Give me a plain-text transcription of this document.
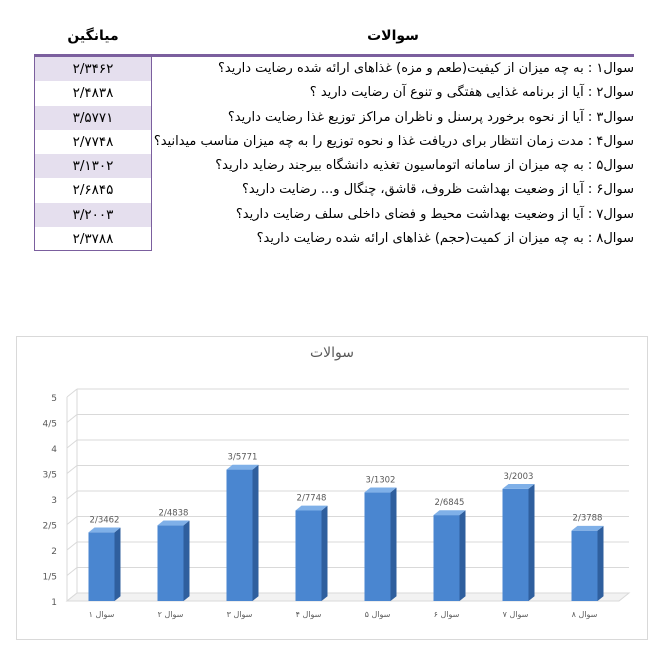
میانگین	سوالات
۲/۳۴۶۲	سوال۱ : به چه میزان از کیفیت(طعم و مزه) غذاهای ارائه شده رضایت دارید؟
۲/۴۸۳۸	سوال۲ : آیا از برنامه غذایی هفتگی و تنوع آن رضایت دارید ؟
۳/۵۷۷۱	سوال۳ : آیا از نحوه برخورد پرسنل و ناظران مراکز توزیع غذا رضایت دارید؟
۲/۷۷۴۸	سوال۴ : مدت زمان انتظار برای دریافت غذا و نحوه توزیع را به چه میزان مناسب میدانید؟
۳/۱۳۰۲	سوال۵ : به چه میزان از سامانه اتوماسیون تغذیه دانشگاه بیرجند رضاید دارید؟
۲/۶۸۴۵	سوال۶ : آیا از وضعیت بهداشت ظروف، قاشق، چنگال و... رضایت دارید؟
۳/۲۰۰۳	سوال۷ : آیا از وضعیت بهداشت محیط و فضای داخلی سلف رضایت دارید؟
۲/۳۷۸۸	سوال۸ : به چه میزان از کمیت(حجم) غذاهای ارائه شده رضایت دارید؟
1
1/5
2
2/5
3
3/5
4
4/5
5
2/3462
سوال ۱
2/4838
سوال ۲
3/5771
سوال ۳
2/7748
سوال ۴
3/1302
سوال ۵
2/6845
سوال ۶
3/2003
سوال ۷
2/3788
سوال ۸
سوالات
